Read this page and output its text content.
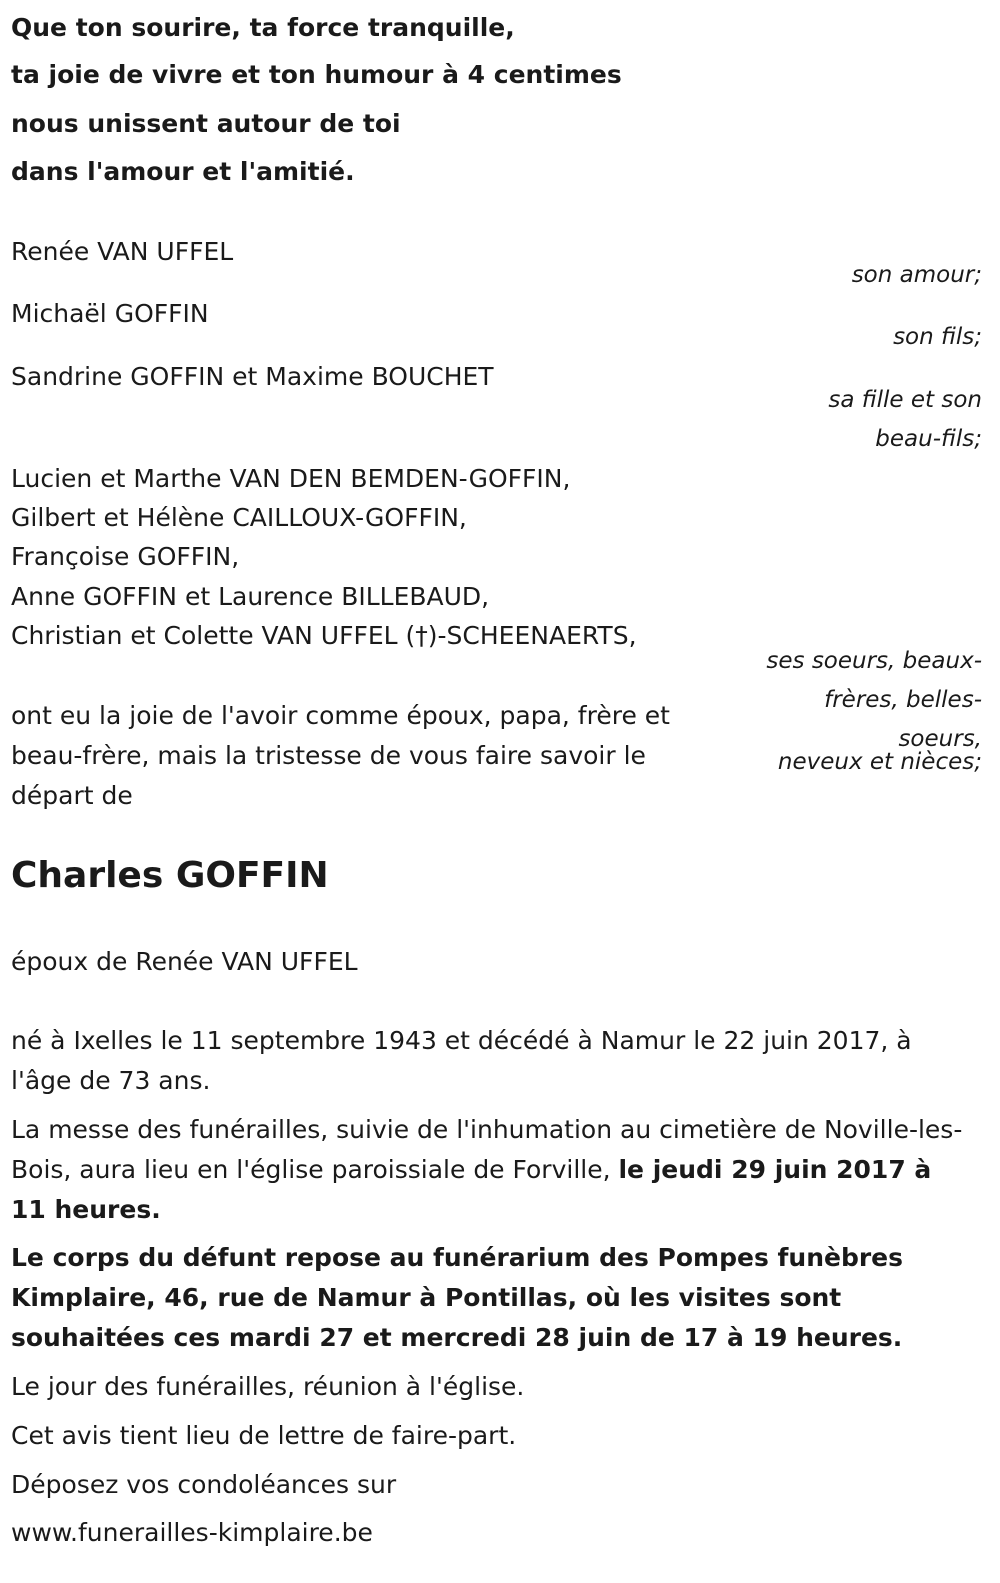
Que ton sourire, ta force tranquille,
ta joie de vivre et ton humour à 4 centimes
nous unissent autour de toi
dans l'amour et l'amitié.
Renée VAN UFFEL
son amour;
Michaël GOFFIN
son fils;
Sandrine GOFFIN et Maxime BOUCHET
sa fille et son
beau-fils;
Lucien et Marthe VAN DEN BEMDEN-GOFFIN,
Gilbert et Hélène CAILLOUX-GOFFIN,
Françoise GOFFIN,
Anne GOFFIN et Laurence BILLEBAUD,
Christian et Colette VAN UFFEL (†)-SCHEENAERTS,
ses soeurs, beaux-
frères, belles-
soeurs,
neveux et nièces;
ont eu la joie de l'avoir comme époux, papa, frère et beau-frère, mais la tristesse de vous faire savoir le départ de
Charles GOFFIN
époux de Renée VAN UFFEL
né à Ixelles le 11 septembre 1943 et décédé à Namur le 22 juin 2017, à l'âge de 73 ans.
La messe des funérailles, suivie de l'inhumation au cimetière de Noville-les-Bois, aura lieu en l'église paroissiale de Forville, le jeudi 29 juin 2017 à 11 heures.
Le corps du défunt repose au funérarium des Pompes funèbres Kimplaire, 46, rue de Namur à Pontillas, où les visites sont souhaitées ces mardi 27 et mercredi 28 juin de 17 à 19 heures.
Le jour des funérailles, réunion à l'église.
Cet avis tient lieu de lettre de faire-part.
Déposez vos condoléances sur
www.funerailles-kimplaire.be
